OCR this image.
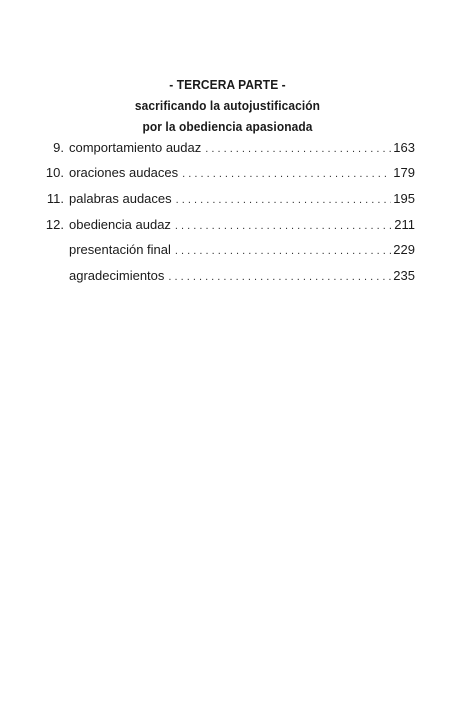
- TERCERA PARTE -
sacrificando la autojustificación
por la obediencia apasionada
9. comportamiento audaz . . .	163
10. oraciones audaces . . .	179
11. palabras audaces . . .	195
12. obediencia audaz . . .	211
presentación final . . .	229
agradecimientos . . .	235
